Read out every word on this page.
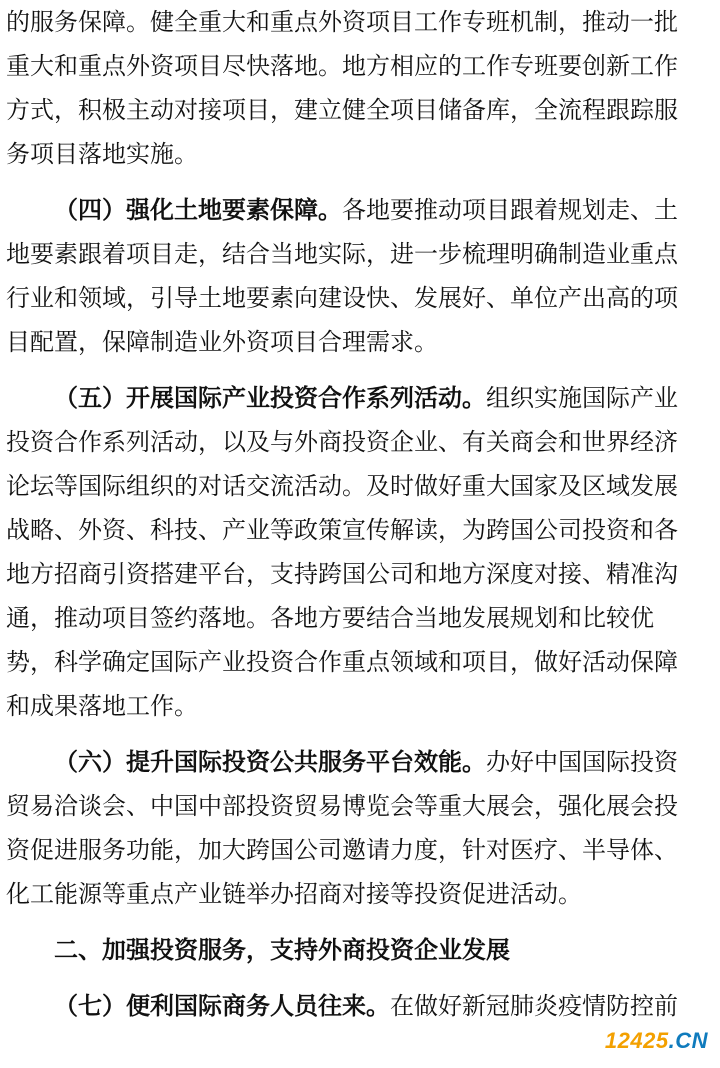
的服务保障。健全重大和重点外资项目工作专班机制，推动一批
重大和重点外资项目尽快落地。地方相应的工作专班要创新工作
方式，积极主动对接项目，建立健全项目储备库，全流程跟踪服
务项目落地实施。
（四）强化土地要素保障。各地要推动项目跟着规划走、土
地要素跟着项目走，结合当地实际，进一步梳理明确制造业重点
行业和领域，引导土地要素向建设快、发展好、单位产出高的项
目配置，保障制造业外资项目合理需求。
（五）开展国际产业投资合作系列活动。组织实施国际产业
投资合作系列活动，以及与外商投资企业、有关商会和世界经济
论坛等国际组织的对话交流活动。及时做好重大国家及区域发展
战略、外资、科技、产业等政策宣传解读，为跨国公司投资和各
地方招商引资搭建平台，支持跨国公司和地方深度对接、精准沟
通，推动项目签约落地。各地方要结合当地发展规划和比较优
势，科学确定国际产业投资合作重点领域和项目，做好活动保障
和成果落地工作。
（六）提升国际投资公共服务平台效能。办好中国国际投资
贸易洽谈会、中国中部投资贸易博览会等重大展会，强化展会投
资促进服务功能，加大跨国公司邀请力度，针对医疗、半导体、
化工能源等重点产业链举办招商对接等投资促进活动。
二、加强投资服务，支持外商投资企业发展
（七）便利国际商务人员往来。在做好新冠肺炎疫情防控前
12425.CN
